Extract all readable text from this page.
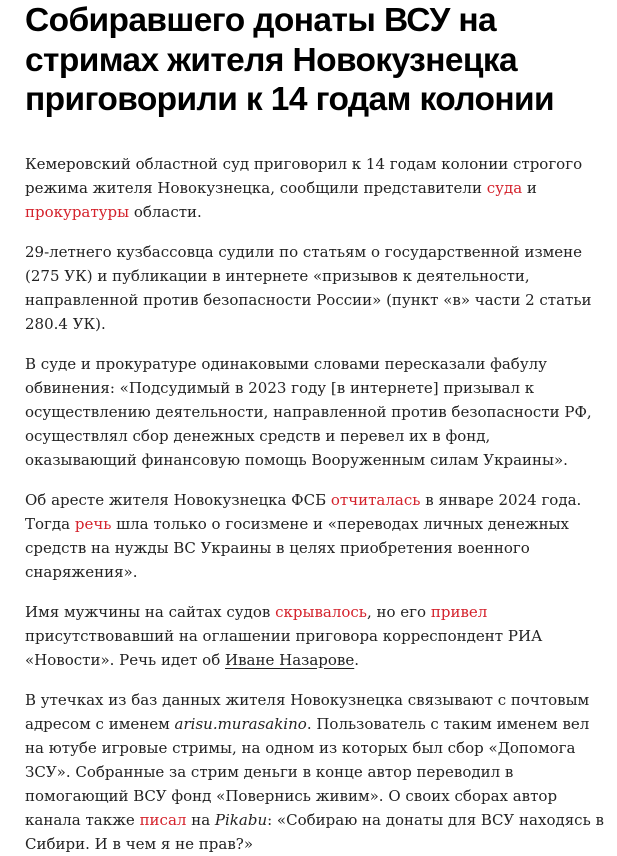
Собиравшего донаты ВСУ на стримах жителя Новокузнецка приговорили к 14 годам колонии

Кемеровский областной суд приговорил к 14 годам колонии строгого режима жителя Новокузнецка, сообщили представители суда и прокуратуры области.

29-летнего кузбассовца судили по статьям о государственной измене (275 УК) и публикации в интернете «призывов к деятельности, направленной против безопасности России» (пункт «в» части 2 статьи 280.4 УК).

В суде и прокуратуре одинаковыми словами пересказали фабулу обвинения: «Подсудимый в 2023 году [в интернете] призывал к осуществлению деятельности, направленной против безопасности РФ, осуществлял сбор денежных средств и перевел их в фонд, оказывающий финансовую помощь Вооруженным силам Украины».

Об аресте жителя Новокузнецка ФСБ отчиталась в январе 2024 года. Тогда речь шла только о госизмене и «переводах личных денежных средств на нужды ВС Украины в целях приобретения военного снаряжения».

Имя мужчины на сайтах судов скрывалось, но его привел присутствовавший на оглашении приговора корреспондент РИА «Новости». Речь идет об Иване Назарове.

В утечках из баз данных жителя Новокузнецка связывают с почтовым адресом с именем arisu.murasakino. Пользователь с таким именем вел на ютубе игровые стримы, на одном из которых был сбор «Допомога ЗСУ». Собранные за стрим деньги в конце автор переводил в помогающий ВСУ фонд «Повернись живим». О своих сборах автор канала также писал на Pikabu: «Собираю на донаты для ВСУ находясь в Сибири. И в чем я не прав?»
